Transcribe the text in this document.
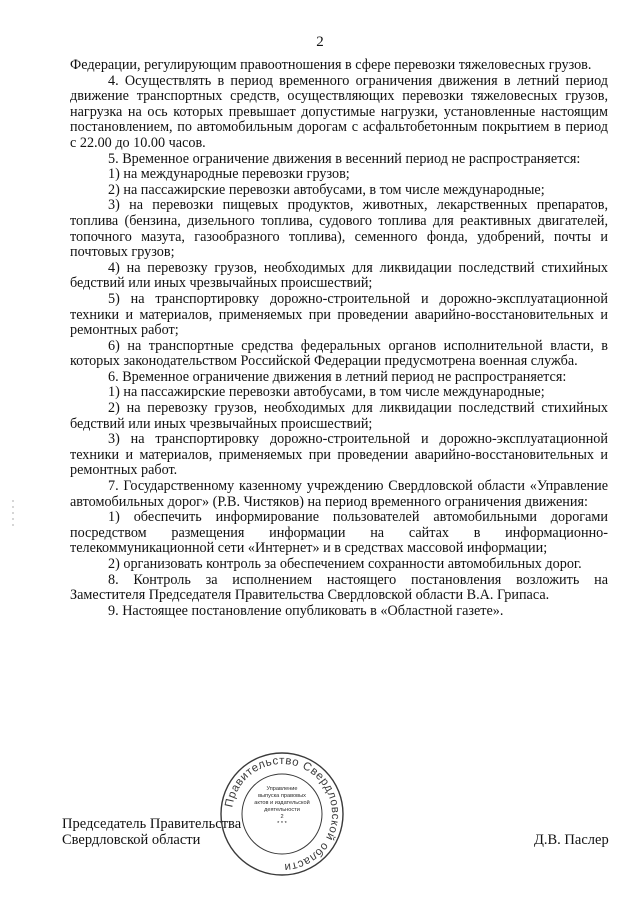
2

Федерации, регулирующим правоотношения в сфере перевозки тяжеловесных грузов.

4. Осуществлять в период временного ограничения движения в летний период движение транспортных средств, осуществляющих перевозки тяжеловесных грузов, нагрузка на ось которых превышает допустимые нагрузки, установленные настоящим постановлением, по автомобильным дорогам с асфальтобетонным покрытием в период с 22.00 до 10.00 часов.

5. Временное ограничение движения в весенний период не распространяется:

1) на международные перевозки грузов;

2) на пассажирские перевозки автобусами, в том числе международные;

3) на перевозки пищевых продуктов, животных, лекарственных препаратов, топлива (бензина, дизельного топлива, судового топлива для реактивных двигателей, топочного мазута, газообразного топлива), семенного фонда, удобрений, почты и почтовых грузов;

4) на перевозку грузов, необходимых для ликвидации последствий стихийных бедствий или иных чрезвычайных происшествий;

5) на транспортировку дорожно-строительной и дорожно-эксплуатационной техники и материалов, применяемых при проведении аварийно-восстановительных и ремонтных работ;

6) на транспортные средства федеральных органов исполнительной власти, в которых законодательством Российской Федерации предусмотрена военная служба.

6. Временное ограничение движения в летний период не распространяется:

1) на пассажирские перевозки автобусами, в том числе международные;

2) на перевозку грузов, необходимых для ликвидации последствий стихийных бедствий или иных чрезвычайных происшествий;

3) на транспортировку дорожно-строительной и дорожно-эксплуатационной техники и материалов, применяемых при проведении аварийно-восстановительных и ремонтных работ.

7. Государственному казенному учреждению Свердловской области «Управление автомобильных дорог» (Р.В. Чистяков) на период временного ограничения движения:

1) обеспечить информирование пользователей автомобильными дорогами посредством размещения информации на сайтах в информационно-телекоммуникационной сети «Интернет» и в средствах массовой информации;

2) организовать контроль за обеспечением сохранности автомобильных дорог.

8. Контроль за исполнением настоящего постановления возложить на Заместителя Председателя Правительства Свердловской области В.А. Грипаса.

9. Настоящее постановление опубликовать в «Областной газете».

Председатель Правительства
Свердловской области	Д.В. Паслер
Правительство Свердловской области
Управление
выпуска правовых
актов и издательской
деятельности
2
* * *
